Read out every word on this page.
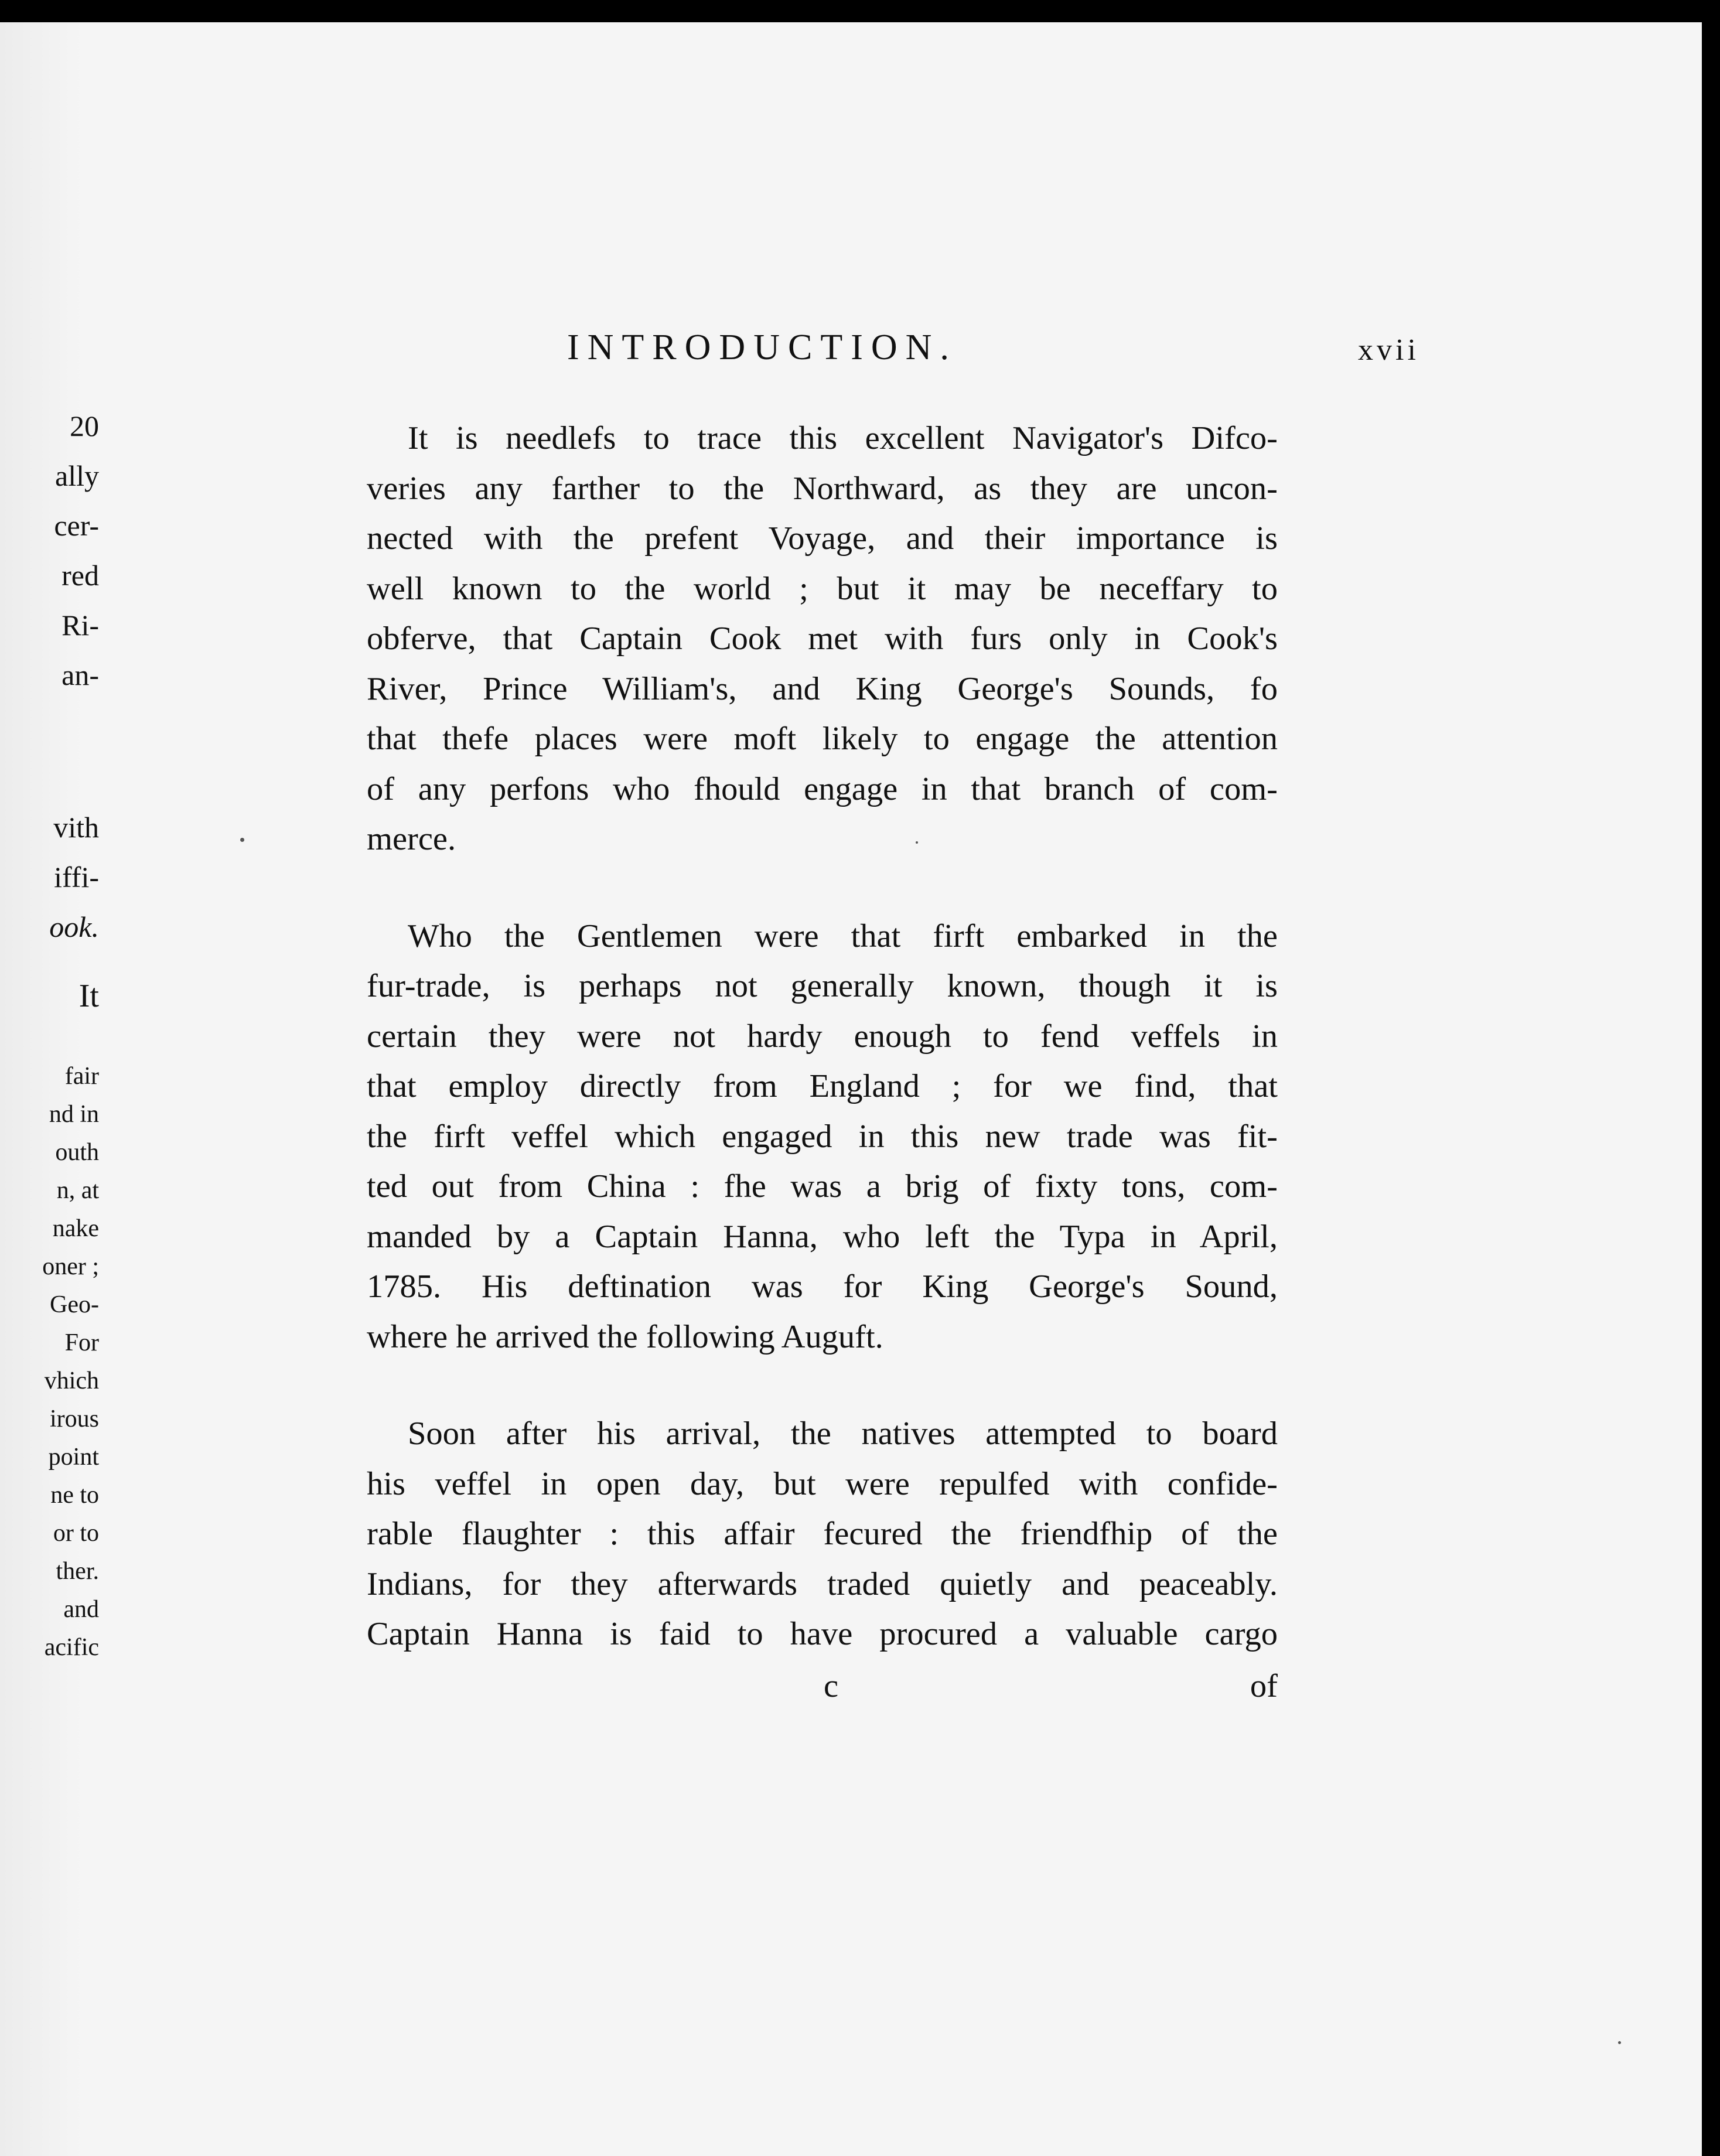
INTRODUCTION.	xvii
It is needlefs to trace this excellent Navigator's Difco-
veries any farther to the Northward, as they are uncon-
nected with the prefent Voyage, and their importance is
well known to the world ; but it may be neceffary to
obferve, that Captain Cook met with furs only in Cook's
River, Prince William's, and King George's Sounds, fo
that thefe places were moft likely to engage the attention
of any perfons who fhould engage in that branch of com-
merce.
Who the Gentlemen were that firft embarked in the
fur-trade, is perhaps not generally known, though it is
certain they were not hardy enough to fend veffels in
that employ directly from England ; for we find, that
the firft veffel which engaged in this new trade was fit-
ted out from China : fhe was a brig of fixty tons, com-
manded by a Captain Hanna, who left the Typa in April,
1785. His deftination was for King George's Sound,
where he arrived the following Auguft.
Soon after his arrival, the natives attempted to board
his veffel in open day, but were repulfed with confide-
rable flaughter : this affair fecured the friendfhip of the
Indians, for they afterwards traded quietly and peaceably.
Captain Hanna is faid to have procured a valuable cargo
c	of
20
ally
cer-
red
Ri-
an-
vith
iffi-
ook.
It
fair
nd in
outh
n, at
nake
oner ;
Geo-
For
vhich
irous
point
ne to
or to
ther.
and
acific
